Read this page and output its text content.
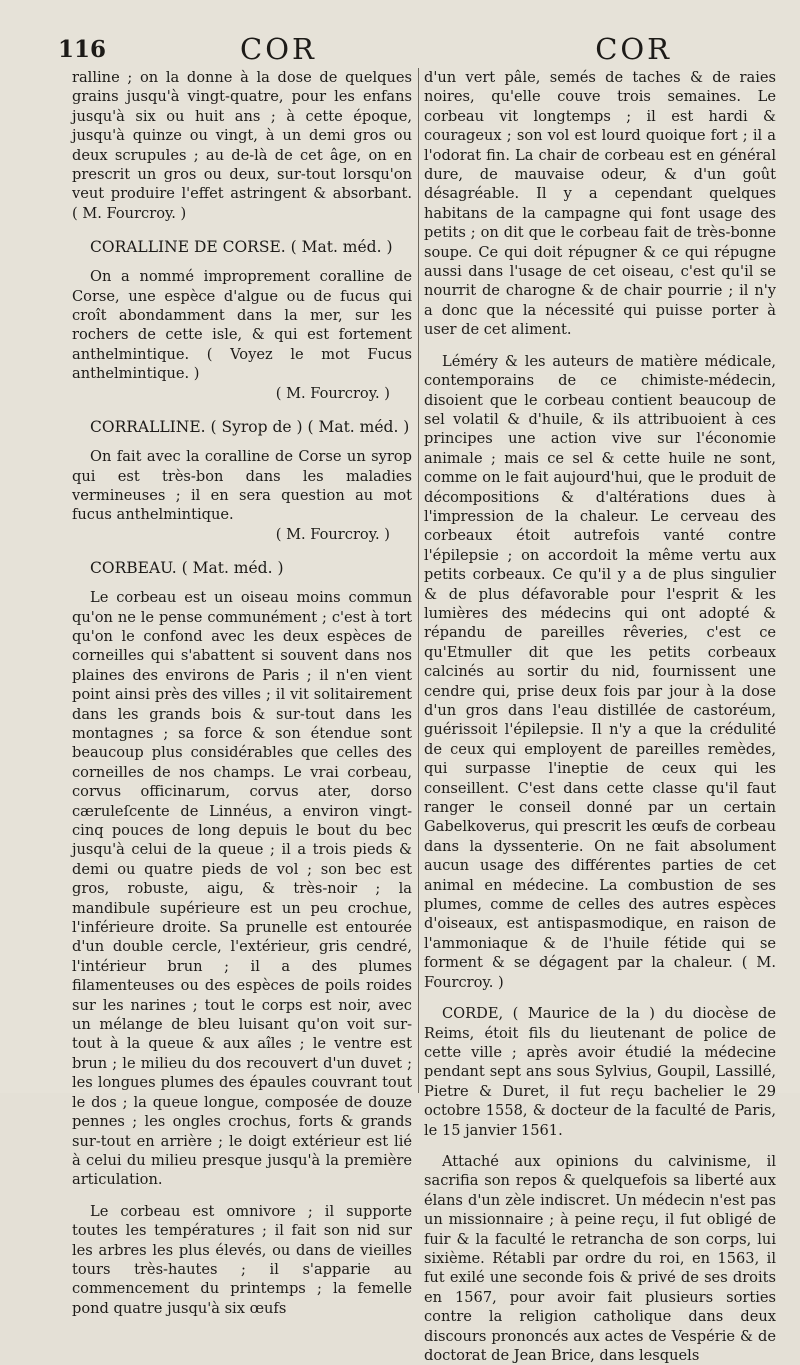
116	COR	COR

ralline ; on la donne à la dose de quelques grains jusqu'à vingt-quatre, pour les enfans jusqu'à six ou huit ans ; à cette époque, jusqu'à quinze ou vingt, à un demi gros ou deux scrupules ; au de-là de cet âge, on en prescrit un gros ou deux, sur-tout lorsqu'on veut produire l'effet astringent & absorbant. ( M. Fourcroy. )

CORALLINE DE CORSE. ( Mat. méd. )

On a nommé improprement coralline de Corse, une espèce d'algue ou de fucus qui croît abondamment dans la mer, sur les rochers de cette isle, & qui est fortement anthelmintique. ( Voyez le mot Fucus anthelmintique. )

( M. Fourcroy. )
CORRALLINE. ( Syrop de ) ( Mat. méd. )

On fait avec la coralline de Corse un syrop qui est très-bon dans les maladies vermineuses ; il en sera question au mot fucus anthelmintique.

( M. Fourcroy. )
CORBEAU. ( Mat. méd. )

Le corbeau est un oiseau moins commun qu'on ne le pense communément ; c'est à tort qu'on le confond avec les deux espèces de corneilles qui s'abattent si souvent dans nos plaines des environs de Paris ; il n'en vient point ainsi près des villes ; il vit solitairement dans les grands bois & sur-tout dans les montagnes ; sa force & son étendue sont beaucoup plus considérables que celles des corneilles de nos champs. Le vrai corbeau, corvus officinarum, corvus ater, dorso cæruleſcente de Linnéus, a environ vingt-cinq pouces de long depuis le bout du bec jusqu'à celui de la queue ; il a trois pieds & demi ou quatre pieds de vol ; son bec est gros, robuste, aigu, & très-noir ; la mandibule supérieure est un peu crochue, l'inférieure droite. Sa prunelle est entourée d'un double cercle, l'extérieur, gris cendré, l'intérieur brun ; il a des plumes filamenteuses ou des espèces de poils roides sur les narines ; tout le corps est noir, avec un mélange de bleu luisant qu'on voit sur-tout à la queue & aux aîles ; le ventre est brun ; le milieu du dos recouvert d'un duvet ; les longues plumes des épaules couvrant tout le dos ; la queue longue, composée de douze pennes ; les ongles crochus, forts & grands sur-tout en arrière ; le doigt extérieur est lié à celui du milieu presque jusqu'à la première articulation.

Le corbeau est omnivore ; il supporte toutes les températures ; il fait son nid sur les arbres les plus élevés, ou dans de vieilles tours très-hautes ; il s'apparie au commencement du printemps ; la femelle pond quatre jusqu'à six œufs

d'un vert pâle, semés de taches & de raies noires, qu'elle couve trois semaines. Le corbeau vit longtemps ; il est hardi & courageux ; son vol est lourd quoique fort ; il a l'odorat fin. La chair de corbeau est en général dure, de mauvaise odeur, & d'un goût désagréable. Il y a cependant quelques habitans de la campagne qui font usage des petits ; on dit que le corbeau fait de très-bonne soupe. Ce qui doit répugner & ce qui répugne aussi dans l'usage de cet oiseau, c'est qu'il se nourrit de charogne & de chair pourrie ; il n'y a donc que la nécessité qui puisse porter à user de cet aliment.

Léméry & les auteurs de matière médicale, contemporains de ce chimiste-médecin, disoient que le corbeau contient beaucoup de sel volatil & d'huile, & ils attribuoient à ces principes une action vive sur l'économie animale ; mais ce sel & cette huile ne sont, comme on le fait aujourd'hui, que le produit de décompositions & d'altérations dues à l'impression de la chaleur. Le cerveau des corbeaux étoit autrefois vanté contre l'épilepsie ; on accordoit la même vertu aux petits corbeaux. Ce qu'il y a de plus singulier & de plus défavorable pour l'esprit & les lumières des médecins qui ont adopté & répandu de pareilles rêveries, c'est ce qu'Etmuller dit que les petits corbeaux calcinés au sortir du nid, fournissent une cendre qui, prise deux fois par jour à la dose d'un gros dans l'eau distillée de castoréum, guérissoit l'épilepsie. Il n'y a que la crédulité de ceux qui employent de pareilles remèdes, qui surpasse l'ineptie de ceux qui les conseillent. C'est dans cette classe qu'il faut ranger le conseil donné par un certain Gabelkoverus, qui prescrit les œufs de corbeau dans la dyssenterie. On ne fait absolument aucun usage des différentes parties de cet animal en médecine. La combustion de ses plumes, comme de celles des autres espèces d'oiseaux, est antispasmodique, en raison de l'ammoniaque & de l'huile fétide qui se forment & se dégagent par la chaleur. ( M. Fourcroy. )

CORDE, ( Maurice de la ) du diocèse de Reims, étoit fils du lieutenant de police de cette ville ; après avoir étudié la médecine pendant sept ans sous Sylvius, Goupil, Lassillé, Pietre & Duret, il fut reçu bachelier le 29 octobre 1558, & docteur de la faculté de Paris, le 15 janvier 1561.

Attaché aux opinions du calvinisme, il sacrifia son repos & quelquefois sa liberté aux élans d'un zèle indiscret. Un médecin n'est pas un missionnaire ; à peine reçu, il fut obligé de fuir & la faculté le retrancha de son corps, lui sixième. Rétabli par ordre du roi, en 1563, il fut exilé une seconde fois & privé de ses droits en 1567, pour avoir fait plusieurs sorties contre la religion catholique dans deux discours prononcés aux actes de Vespérie & de doctorat de Jean Brice, dans lesquels
